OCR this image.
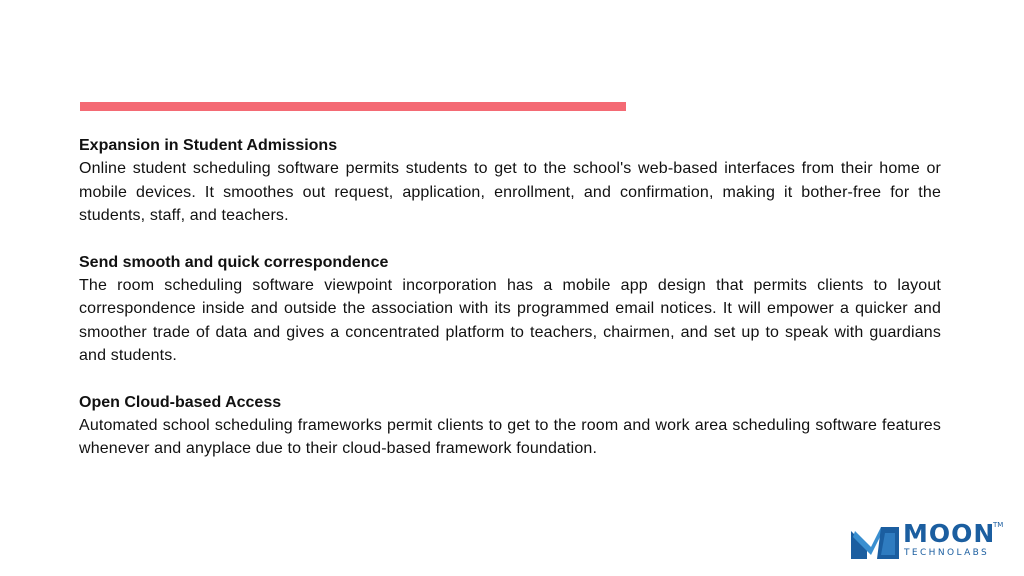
Expansion in Student Admissions

Online student scheduling software permits students to get to the school's web-based interfaces from their home or mobile devices. It smoothes out request, application, enrollment, and confirmation, making it bother-free for the students, staff, and teachers.

Send smooth and quick correspondence

The room scheduling software viewpoint incorporation has a mobile app design that permits clients to layout correspondence inside and outside the association with its programmed email notices. It will empower a quicker and smoother trade of data and gives a concentrated platform to teachers, chairmen, and set up to speak with guardians and students.

Open Cloud-based Access

Automated school scheduling frameworks permit clients to get to the room and work area scheduling software features whenever and anyplace due to their cloud-based framework foundation.

MOON
TM
TECHNOLABS
